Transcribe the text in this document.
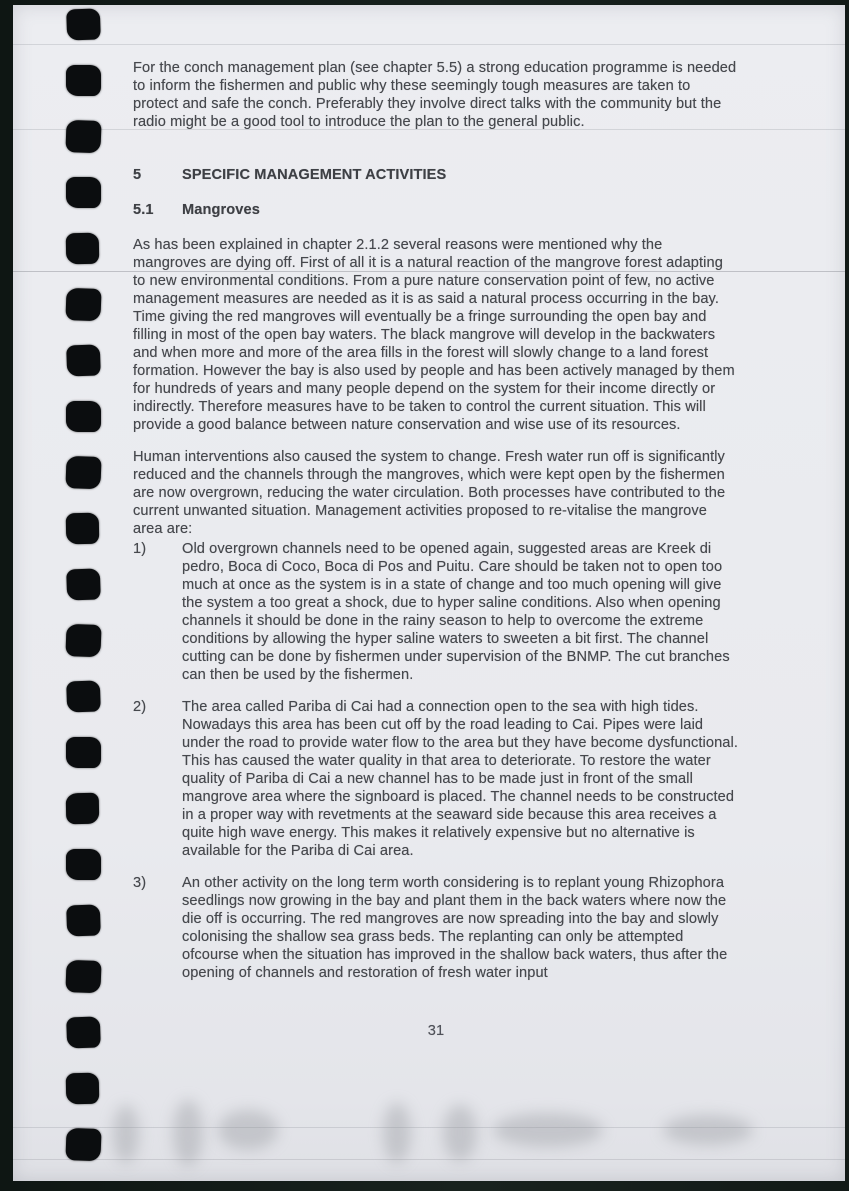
For the conch management plan (see chapter 5.5) a strong education programme is needed to inform the fishermen and public why these seemingly tough measures are taken to protect and safe the conch. Preferably they involve direct talks with the community but the radio might be a good tool to introduce the plan to the general public.

5	SPECIFIC MANAGEMENT ACTIVITIES
5.1	Mangroves

As has been explained in chapter 2.1.2 several reasons were mentioned why the mangroves are dying off. First of all it is a natural reaction of the mangrove forest adapting to new environmental conditions. From a pure nature conservation point of few, no active management measures are needed as it is as said a natural process occurring in the bay. Time giving the red mangroves will eventually be a fringe surrounding the open bay and filling in most of the open bay waters. The black mangrove will develop in the backwaters and when more and more of the area fills in the forest will slowly change to a land forest formation. However the bay is also used by people and has been actively managed by them for hundreds of years and many people depend on the system for their income directly or indirectly. Therefore measures have to be taken to control the current situation. This will provide a good balance between nature conservation and wise use of its resources.

Human interventions also caused the system to change. Fresh water run off is significantly reduced and the channels through the mangroves, which were kept open by the fishermen are now overgrown, reducing the water circulation. Both processes have contributed to the current unwanted situation. Management activities proposed to re-vitalise the mangrove area are:

1)	Old overgrown channels need to be opened again, suggested areas are Kreek di pedro, Boca di Coco, Boca di Pos and Puitu. Care should be taken not to open too much at once as the system is in a state of change and too much opening will give the system a too great a shock, due to hyper saline conditions. Also when opening channels it should be done in the rainy season to help to overcome the extreme conditions by allowing the hyper saline waters to sweeten a bit first. The channel cutting can be done by fishermen under supervision of the BNMP. The cut branches can then be used by the fishermen.
2)	The area called Pariba di Cai had a connection open to the sea with high tides. Nowadays this area has been cut off by the road leading to Cai. Pipes were laid under the road to provide water flow to the area but they have become dysfunctional. This has caused the water quality in that area to deteriorate. To restore the water quality of Pariba di Cai a new channel has to be made just in front of the small mangrove area where the signboard is placed. The channel needs to be constructed in a proper way with revetments at the seaward side because this area receives a quite high wave energy. This makes it relatively expensive but no alternative is available for the Pariba di Cai area.
3)	An other activity on the long term worth considering is to replant young Rhizophora seedlings now growing in the bay and plant them in the back waters where now the die off is occurring. The red mangroves are now spreading into the bay and slowly colonising the shallow sea grass beds. The replanting can only be attempted ofcourse when the situation has improved in the shallow back waters, thus after the opening of channels and restoration of fresh water input
31
